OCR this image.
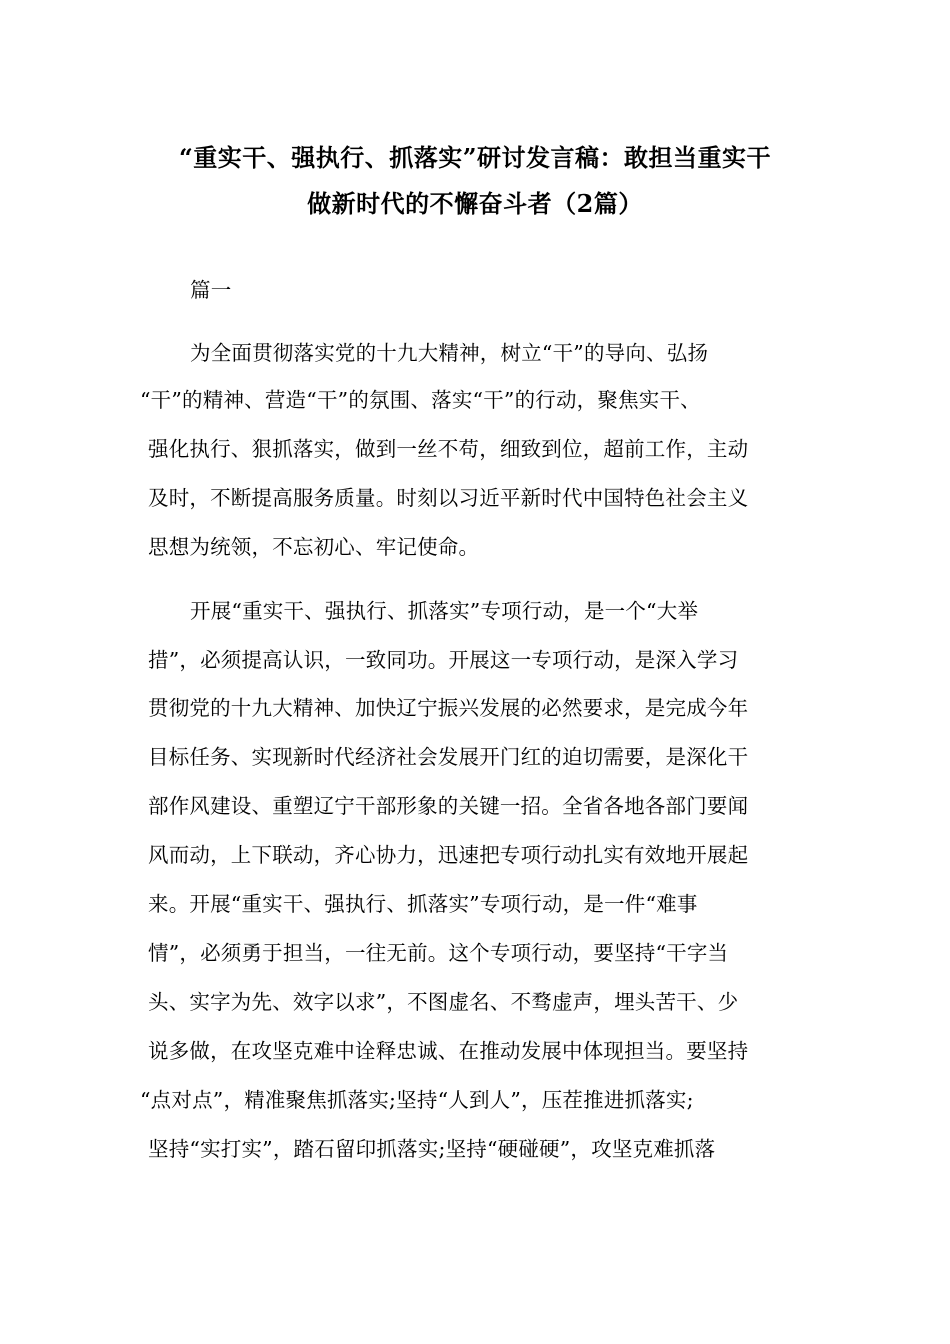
“重实干、强执行、抓落实”研讨发言稿：敢担当重实干
做新时代的不懈奋斗者（2篇）
篇一
为全面贯彻落实党的十九大精神，树立“干”的导向、弘扬
“干”的精神、营造“干”的氛围、落实“干”的行动，聚焦实干、
强化执行、狠抓落实，做到一丝不苟，细致到位，超前工作，主动
及时，不断提高服务质量。时刻以习近平新时代中国特色社会主义
思想为统领，不忘初心、牢记使命。
开展“重实干、强执行、抓落实”专项行动，是一个“大举
措”，必须提高认识，一致同功。开展这一专项行动，是深入学习
贯彻党的十九大精神、加快辽宁振兴发展的必然要求，是完成今年
目标任务、实现新时代经济社会发展开门红的迫切需要，是深化干
部作风建设、重塑辽宁干部形象的关键一招。全省各地各部门要闻
风而动，上下联动，齐心协力，迅速把专项行动扎实有效地开展起
来。开展“重实干、强执行、抓落实”专项行动，是一件“难事
情”，必须勇于担当，一往无前。这个专项行动，要坚持“干字当
头、实字为先、效字以求”，不图虚名、不骛虚声，埋头苦干、少
说多做，在攻坚克难中诠释忠诚、在推动发展中体现担当。要坚持
“点对点”，精准聚焦抓落实;坚持“人到人”，压茬推进抓落实;
坚持“实打实”，踏石留印抓落实;坚持“硬碰硬”，攻坚克难抓落
